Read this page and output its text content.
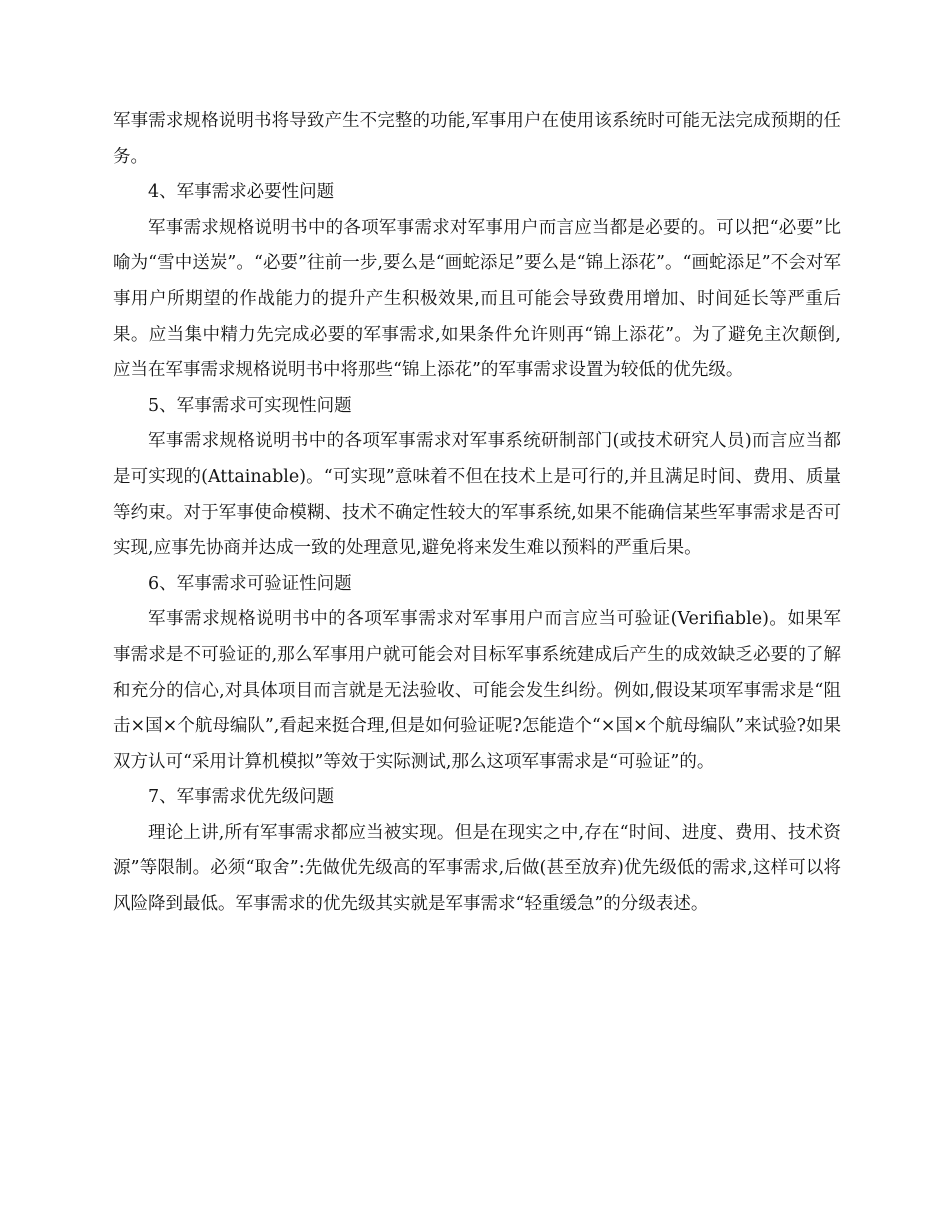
军事需求规格说明书将导致产生不完整的功能,军事用户在使用该系统时可能无法完成预期的任务。

4、军事需求必要性问题

军事需求规格说明书中的各项军事需求对军事用户而言应当都是必要的。可以把“必要”比喻为“雪中送炭”。“必要”往前一步,要么是“画蛇添足”要么是“锦上添花”。“画蛇添足”不会对军事用户所期望的作战能力的提升产生积极效果,而且可能会导致费用增加、时间延长等严重后果。应当集中精力先完成必要的军事需求,如果条件允许则再“锦上添花”。为了避免主次颠倒,应当在军事需求规格说明书中将那些“锦上添花”的军事需求设置为较低的优先级。

5、军事需求可实现性问题

军事需求规格说明书中的各项军事需求对军事系统研制部门(或技术研究人员)而言应当都是可实现的(Attainable)。“可实现”意味着不但在技术上是可行的,并且满足时间、费用、质量等约束。对于军事使命模糊、技术不确定性较大的军事系统,如果不能确信某些军事需求是否可实现,应事先协商并达成一致的处理意见,避免将来发生难以预料的严重后果。

6、军事需求可验证性问题

军事需求规格说明书中的各项军事需求对军事用户而言应当可验证(Verifiable)。如果军事需求是不可验证的,那么军事用户就可能会对目标军事系统建成后产生的成效缺乏必要的了解和充分的信心,对具体项目而言就是无法验收、可能会发生纠纷。例如,假设某项军事需求是“阻击×国×个航母编队”,看起来挺合理,但是如何验证呢?怎能造个“×国×个航母编队”来试验?如果双方认可“采用计算机模拟”等效于实际测试,那么这项军事需求是“可验证”的。

7、军事需求优先级问题

理论上讲,所有军事需求都应当被实现。但是在现实之中,存在“时间、进度、费用、技术资源”等限制。必须“取舍”:先做优先级高的军事需求,后做(甚至放弃)优先级低的需求,这样可以将风险降到最低。军事需求的优先级其实就是军事需求“轻重缓急”的分级表述。
